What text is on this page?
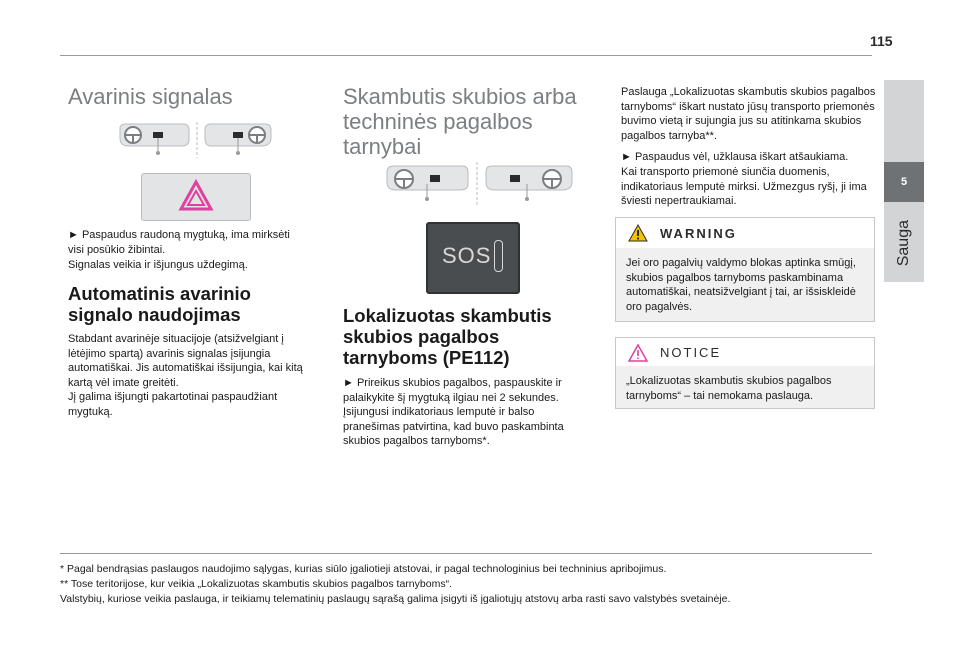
115
5
Sauga
Avarinis signalas
► Paspaudus raudoną mygtuką, ima mirksėti visi posūkio žibintai.
Signalas veikia ir išjungus uždegimą.
Automatinis avarinio signalo naudojimas
Stabdant avarinėje situacijoje (atsižvelgiant į lėtėjimo spartą) avarinis signalas įsijungia automatiškai. Jis automatiškai išsijungia, kai kitą kartą vėl imate greitėti.
Jį galima išjungti pakartotinai paspaudžiant mygtuką.
Skambutis skubios arba techninės pagalbos tarnybai
SOS
Lokalizuotas skambutis skubios pagalbos tarnyboms (PE112)
► Prireikus skubios pagalbos, paspauskite ir palaikykite šį mygtuką ilgiau nei 2 sekundes. Įsijungusi indikatoriaus lemputė ir balso pranešimas patvirtina, kad buvo paskambinta skubios pagalbos tarnyboms*.
Paslauga „Lokalizuotas skambutis skubios pagalbos tarnyboms“ iškart nustato jūsų transporto priemonės buvimo vietą ir sujungia jus su atitinkama skubios pagalbos tarnyba**.
► Paspaudus vėl, užklausa iškart atšaukiama.
Kai transporto priemonė siunčia duomenis, indikatoriaus lemputė mirksi. Užmezgus ryšį, ji ima šviesti nepertraukiamai.
WARNING
Jei oro pagalvių valdymo blokas aptinka smūgį, skubios pagalbos tarnyboms paskambinama automatiškai, neatsižvelgiant į tai, ar išsiskleidė oro pagalvės.
NOTICE
„Lokalizuotas skambutis skubios pagalbos tarnyboms“ – tai nemokama paslauga.
* Pagal bendrąsias paslaugos naudojimo sąlygas, kurias siūlo įgaliotieji atstovai, ir pagal technologinius bei techninius apribojimus.
** Tose teritorijose, kur veikia „Lokalizuotas skambutis skubios pagalbos tarnyboms“.
Valstybių, kuriose veikia paslauga, ir teikiamų telematinių paslaugų sąrašą galima įsigyti iš įgaliotųjų atstovų arba rasti savo valstybės svetainėje.
